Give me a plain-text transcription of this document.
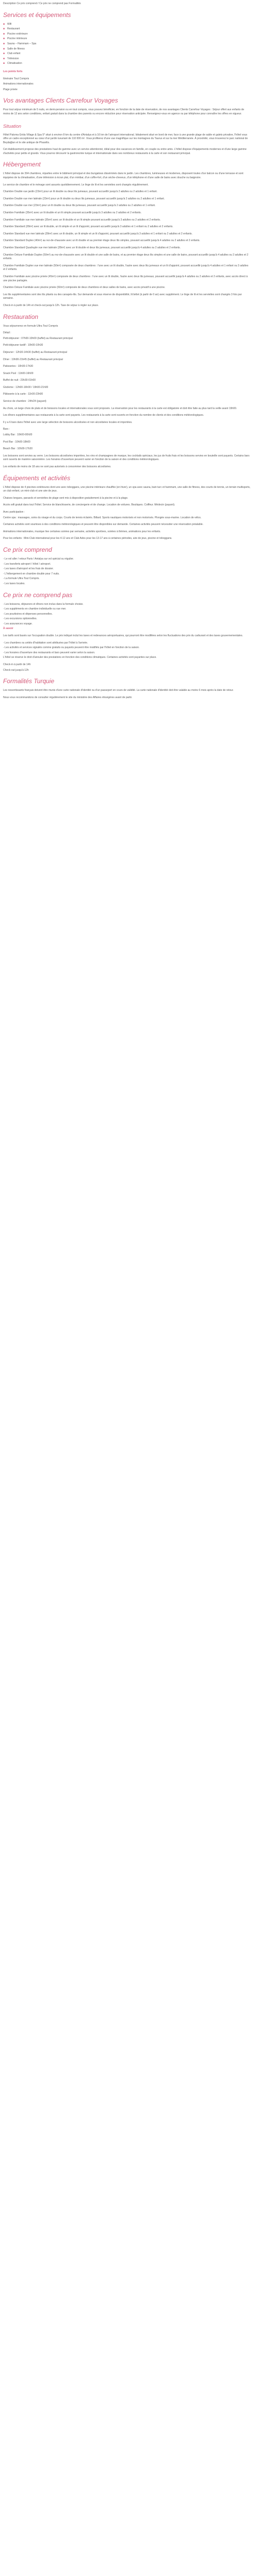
Description Ce prix comprend / Ce prix ne comprend pas Formalités

Services et équipements
■ Wifi
■ Restaurant
■ Piscine extérieure
■ Piscine intérieure
■ Sauna – Hammam – Spa
■ Salle de fitness
■ Club enfant
■ Télévision
■ Climatisation

Les points forts

Itinéraire Tout Compris

Animations internationales

Plage privée

Vos avantages Clients Carrefour Voyages

Pour tout séjour minimum de 5 nuits, en demi-pension ou en tout compris, vous pouvez bénéficier, en fonction de la date de réservation, de nos avantages Clients Carrefour Voyages : Séjour offert aux enfants de moins de 12 ans selon conditions, enfant gratuit dans la chambre des parents ou encore réduction pour réservation anticipée. Renseignez-vous en agence ou par téléphone pour connaître les offres en vigueur.

Situation

Hôtel Paloma Grida Village & Spa 5* situé à environ 8 km du centre d'Antalya et à 16 km de l'aéroport international. Idéalement situé en bord de mer, face à une grande plage de sable et galets privative, l'hôtel vous offre un cadre exceptionnel au cœur d'un jardin luxuriant de 110 000 m². Vous profiterez d'une vue magnifique sur les montagnes du Taurus et sur la mer Méditerranée. À proximité, vous trouverez le parc national de Beydağları et le site antique de Phasélis.

Cet établissement propose des prestations haut de gamme avec un service attentionné, idéal pour des vacances en famille, en couple ou entre amis. L'hôtel dispose d'équipements modernes et d'une large gamme d'activités pour petits et grands. Vous pourrez découvrir la gastronomie turque et internationale dans ses nombreux restaurants à la carte et son restaurant principal.

Hébergement

L'hôtel dispose de 394 chambres, réparties entre le bâtiment principal et des bungalows disséminés dans le jardin. Les chambres, lumineuses et modernes, disposent toutes d'un balcon ou d'une terrasse et sont équipées de la climatisation, d'une télévision à écran plat, d'un minibar, d'un coffre-fort, d'un sèche-cheveux, d'un téléphone et d'une salle de bains avec douche ou baignoire.

Le service de chambre et le ménage sont assurés quotidiennement. Le linge de lit et les serviettes sont changés régulièrement.

Chambre Double vue jardin (23m²) pour un lit double ou deux lits jumeaux, pouvant accueillir jusqu'à 2 adultes ou 2 adultes et 1 enfant.

Chambre Double vue mer latérale (23m²) pour un lit double ou deux lits jumeaux, pouvant accueillir jusqu'à 2 adultes ou 2 adultes et 1 enfant.

Chambre Double vue mer (23m²) pour un lit double ou deux lits jumeaux, pouvant accueillir jusqu'à 2 adultes ou 2 adultes et 1 enfant.

Chambre Familiale (35m²) avec un lit double et un lit simple pouvant accueillir jusqu'à 3 adultes ou 2 adultes et 2 enfants.

Chambre Familiale vue mer latérale (35m²) avec un lit double et un lit simple pouvant accueillir jusqu'à 3 adultes ou 2 adultes et 2 enfants.

Chambre Standard (28m²) avec un lit double, un lit simple et un lit d'appoint, pouvant accueillir jusqu'à 3 adultes et 1 enfant ou 2 adultes et 2 enfants.

Chambre Standard vue mer latérale (28m²) avec un lit double, un lit simple et un lit d'appoint, pouvant accueillir jusqu'à 3 adultes et 1 enfant ou 2 adultes et 2 enfants.

Chambre Standard Duplex (40m²) au rez-de-chaussée avec un lit double et au premier étage deux lits simples, pouvant accueillir jusqu'à 4 adultes ou 2 adultes et 2 enfants.

Chambre Standard Quadruple vue mer latérale (28m²) avec un lit double et deux lits jumeaux, pouvant accueillir jusqu'à 4 adultes ou 2 adultes et 2 enfants.

Chambre Deluxe Familiale Duplex (50m²) au rez-de-chaussée avec un lit double et une salle de bains, et au premier étage deux lits simples et une salle de bains, pouvant accueillir jusqu'à 4 adultes ou 2 adultes et 2 enfants.

Chambre Familiale Duplex vue mer latérale (50m²) composée de deux chambres : l'une avec un lit double, l'autre avec deux lits jumeaux et un lit d'appoint, pouvant accueillir jusqu'à 4 adultes et 1 enfant ou 3 adultes et 2 enfants.

Chambre Familiale avec piscine privée (45m²) composée de deux chambres : l'une avec un lit double, l'autre avec deux lits jumeaux, pouvant accueillir jusqu'à 4 adultes ou 2 adultes et 2 enfants, avec accès direct à une piscine partagée.

Chambre Deluxe Familiale avec piscine privée (60m²) composée de deux chambres et deux salles de bains, avec accès privatif à une piscine.

Les lits supplémentaires sont des lits pliants ou des canapés-lits. Sur demande et sous réserve de disponibilité, lit bébé (à partir de 0 an) avec supplément. Le linge de lit et les serviettes sont changés 3 fois par semaine.

Check-in à partir de 14h et check-out jusqu'à 12h. Taxe de séjour à régler sur place.

Restauration

Vous séjournerez en formule Ultra Tout Compris

Détail :

Petit-déjeuner : 07h00-10h00 (buffet) au Restaurant principal

Petit-déjeuner tardif : 10h00-10h30

Déjeuner : 12h30-14h30 (buffet) au Restaurant principal

Dîner : 19h00-21h45 (buffet) au Restaurant principal

Patisseries : 10h00-17h30

Snack Pool : 11h00-16h00

Buffet de nuit : 23h30-01h00

Gözleme : 12h00-16h00 / 19h00-21h00

Pâtisserie à la carte : 11h00-23h00

Service de chambre : 24h/24 (payant)

Au choix, un large choix de plats et de boissons locales et internationales vous sont proposés. La réservation pour les restaurants à la carte est obligatoire et doit être faite au plus tard la veille avant 19h00.

Les dîners supplémentaires aux restaurants à la carte sont payants. Les restaurants à la carte sont ouverts en fonction du nombre de clients et des conditions météorologiques.

Il y a 6 bars dans l'hôtel avec une large sélection de boissons alcoolisées et non alcoolisées locales et importées.

Bars :

Lobby Bar : 10h00-00h00

Pool Bar : 10h00-18h00

Beach Bar : 10h00-17h30

Les boissons sont servies au verre. Les boissons alcoolisées importées, les vins et champagnes de marque, les cocktails spéciaux, les jus de fruits frais et les boissons servies en bouteille sont payants. Certains bars sont ouverts de manière saisonnière. Les horaires d'ouverture peuvent varier en fonction de la saison et des conditions météorologiques.

Les enfants de moins de 18 ans ne sont pas autorisés à consommer des boissons alcoolisées.

Équipements et activités

L'hôtel dispose de 4 piscines extérieures dont une avec toboggans, une piscine intérieure chauffée (en hiver), un spa avec sauna, bain turc et hammam, une salle de fitness, des courts de tennis, un terrain multisports, un club enfant, un mini-club et une aire de jeux.

Chaises longues, parasols et serviettes de plage sont mis à disposition gratuitement à la piscine et à la plage.

Accès wifi gratuit dans tout l'hôtel. Service de blanchisserie, de conciergerie et de change. Location de voitures. Boutiques. Coiffeur. Médecin (payant).

Avec participation :

Centre spa : massages, soins du visage et du corps. Courts de tennis éclairés. Billard. Sports nautiques motorisés et non motorisés. Plongée sous-marine. Location de vélos.

Certaines activités sont soumises à des conditions météorologiques et peuvent être disponibles sur demande. Certaines activités peuvent nécessiter une réservation préalable.

Animations internationales, musique live certaines soirées par semaine, activités sportives, soirées à thèmes, animations pour les enfants.

Pour les enfants : Mini-Club international pour les 4-12 ans et Club Ados pour les 13-17 ans à certaines périodes, aire de jeux, piscine et toboggans.

Ce prix comprend

- Le vol aller / retour Paris / Antalya sur vol spécial ou régulier.

- Les transferts aéroport / hôtel / aéroport.

- Les taxes d'aéroport et les frais de dossier.

- L'hébergement en chambre double pour 7 nuits.

- La formule Ultra Tout Compris.

- Les taxes locales.

Ce prix ne comprend pas

- Les boissons, déjeuners et dîners non inclus dans la formule choisie.

- Les suppléments en chambre individuelle ou vue mer.

- Les pourboires et dépenses personnelles.

- Les excursions optionnelles.

- Les assurances voyage.

À savoir

Les tarifs sont basés sur l'occupation double. Le prix indiqué inclut les taxes et redevances aéroportuaires, qui pourront être modifiées selon les fluctuations des prix du carburant et des taxes gouvernementales.

- Les chambres ou unités d'habitation sont attribuées par l'hôtel à l'arrivée.

- Les activités et services signalés comme gratuits ou payants peuvent être modifiés par l'hôtel en fonction de la saison.

- Les horaires d'ouverture des restaurants et bars peuvent varier selon la saison.

L'hôtel se réserve le droit d'annuler des prestations en fonction des conditions climatiques. Certaines activités sont payantes sur place.

Check-in à partir de 14h

Check-out jusqu'à 12h

Formalités Turquie

Les ressortissants français doivent être munis d'une carte nationale d'identité ou d'un passeport en cours de validité. La carte nationale d'identité doit être valable au moins 6 mois après la date de retour.

Nous vous recommandons de consulter régulièrement le site du ministère des Affaires étrangères avant de partir.
